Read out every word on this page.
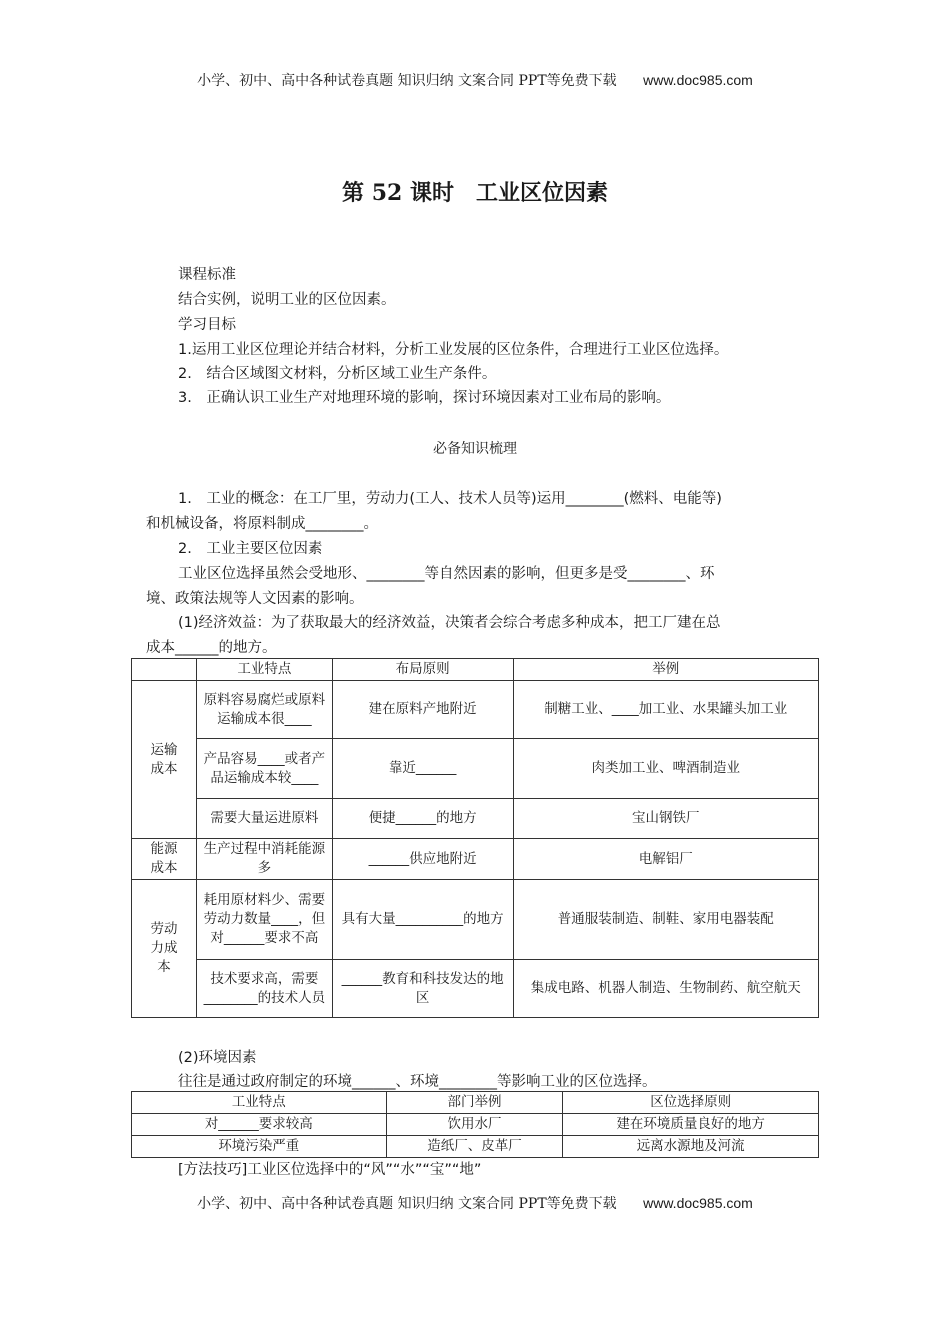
小学、初中、高中各种试卷真题 知识归纳 文案合同 PPT等免费下载 www.doc985.com
第 52 课时　工业区位因素
课程标准
结合实例，说明工业的区位因素。
学习目标
1.运用工业区位理论并结合材料，分析工业发展的区位条件，合理进行工业区位选择。
2.　结合区域图文材料，分析区域工业生产条件。
3.　正确认识工业生产对地理环境的影响，探讨环境因素对工业布局的影响。
必备知识梳理
1.　工业的概念：在工厂里，劳动力(工人、技术人员等)运用________(燃料、电能等)
和机械设备，将原料制成________。
2.　工业主要区位因素
工业区位选择虽然会受地形、________等自然因素的影响，但更多是受________、环
境、政策法规等人文因素的影响。
(1)经济效益：为了获取最大的经济效益，决策者会综合考虑多种成本，把工厂建在总
成本______的地方。
	工业特点	布局原则	举例
运输
成本	原料容易腐烂或原料运输成本很____	建在原料产地附近	制糖工业、____加工业、水果罐头加工业
	产品容易____或者产品运输成本较____	靠近______	肉类加工业、啤酒制造业
	需要大量运进原料	便捷______的地方	宝山钢铁厂
能源
成本	生产过程中消耗能源多	______供应地附近	电解铝厂
劳动
力成
本	耗用原材料少、需要劳动力数量____，但对______要求不高	具有大量__________的地方	普通服装制造、制鞋、家用电器装配
	技术要求高，需要________的技术人员	______教育和科技发达的地区	集成电路、机器人制造、生物制药、航空航天
(2)环境因素
往往是通过政府制定的环境______、环境________等影响工业的区位选择。
工业特点	部门举例	区位选择原则
对______要求较高	饮用水厂	建在环境质量良好的地方
环境污染严重	造纸厂、皮革厂	远离水源地及河流
[方法技巧]工业区位选择中的“风”“水”“宝”“地”
小学、初中、高中各种试卷真题 知识归纳 文案合同 PPT等免费下载 www.doc985.com
